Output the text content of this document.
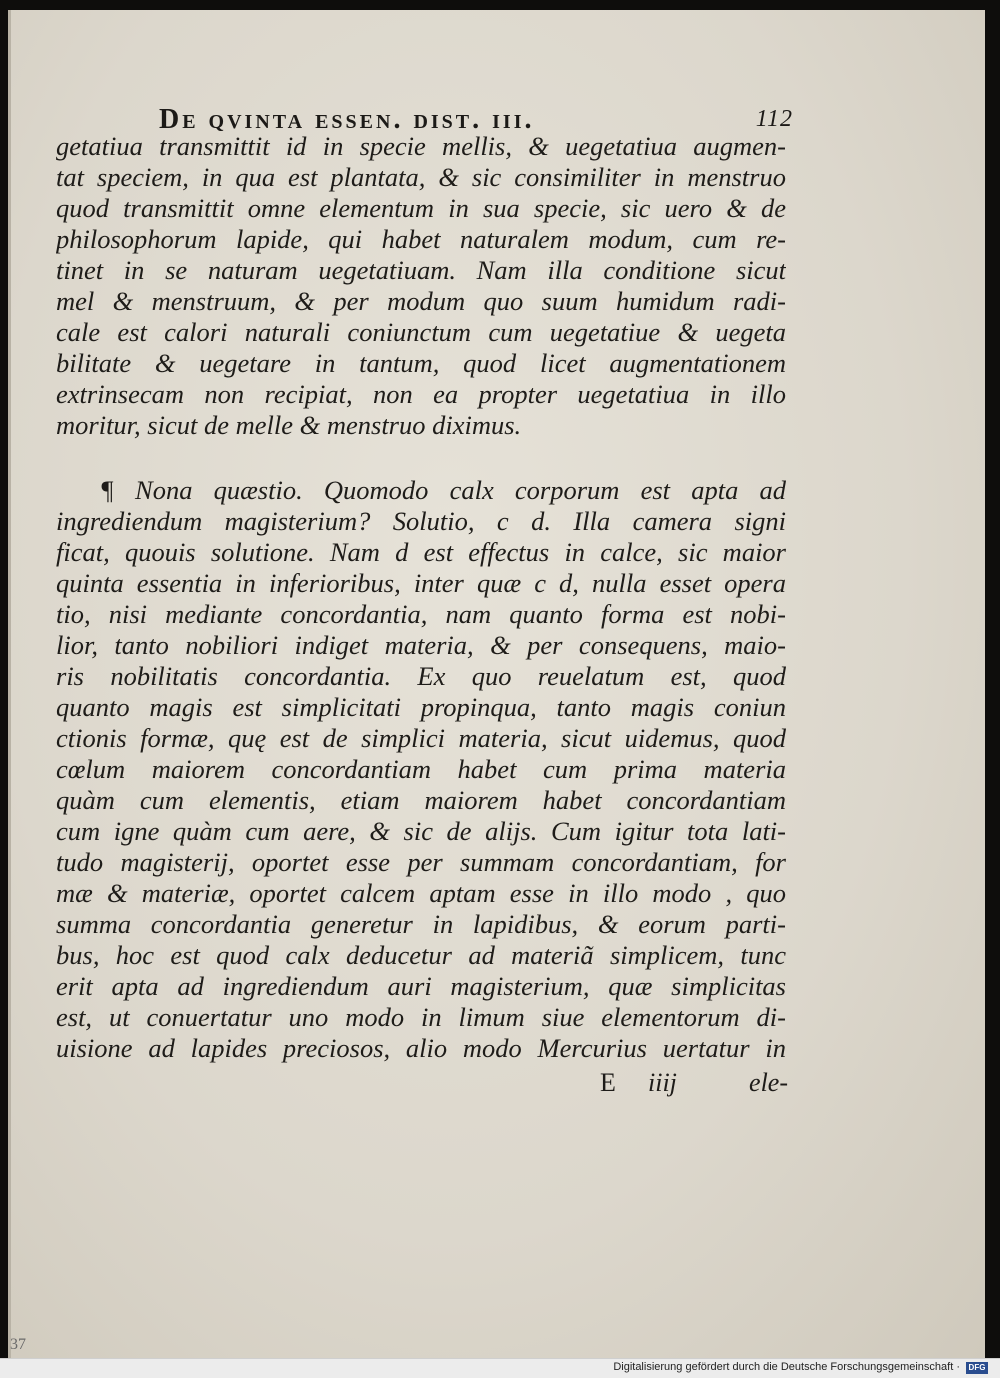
De qvinta essen. dist. iii.	112
getatiua transmittit id in specie mellis, & uegetatiua augmen-
tat speciem, in qua est plantata, & sic consimiliter in menstruo
quod transmittit omne elementum in sua specie, sic uero & de
philosophorum lapide, qui habet naturalem modum, cum re-
tinet in se naturam uegetatiuam. Nam illa conditione sicut
mel & menstruum, & per modum quo suum humidum radi-
cale est calori naturali coniunctum cum uegetatiue & uegeta
bilitate & uegetare in tantum, quod licet augmentationem
extrinsecam non recipiat, non ea propter uegetatiua in illo
moritur, sicut de melle & menstruo diximus.
¶ Nona quæstio. Quomodo calx corporum est apta ad
ingrediendum magisterium? Solutio, c d. Illa camera signi
ficat, quouis solutione. Nam d est effectus in calce, sic maior
quinta essentia in inferioribus, inter quæ c d, nulla esset opera
tio, nisi mediante concordantia, nam quanto forma est nobi-
lior, tanto nobiliori indiget materia, & per consequens, maio-
ris nobilitatis concordantia. Ex quo reuelatum est, quod
quanto magis est simplicitati propinqua, tanto magis coniun
ctionis formæ, quę est de simplici materia, sicut uidemus, quod
cœlum maiorem concordantiam habet cum prima materia
quàm cum elementis, etiam maiorem habet concordantiam
cum igne quàm cum aere, & sic de alijs. Cum igitur tota lati-
tudo magisterij, oportet esse per summam concordantiam, for
mæ & materiæ, oportet calcem aptam esse in illo modo , quo
summa concordantia generetur in lapidibus, & eorum parti-
bus, hoc est quod calx deducetur ad materiã simplicem, tunc
erit apta ad ingrediendum auri magisterium, quæ simplicitas
est, ut conuertatur uno modo in limum siue elementorum di-
uisione ad lapides preciosos, alio modo Mercurius uertatur in
E iiij	ele-
37
Digitalisierung gefördert durch die Deutsche Forschungsgemeinschaft ·	DFG
